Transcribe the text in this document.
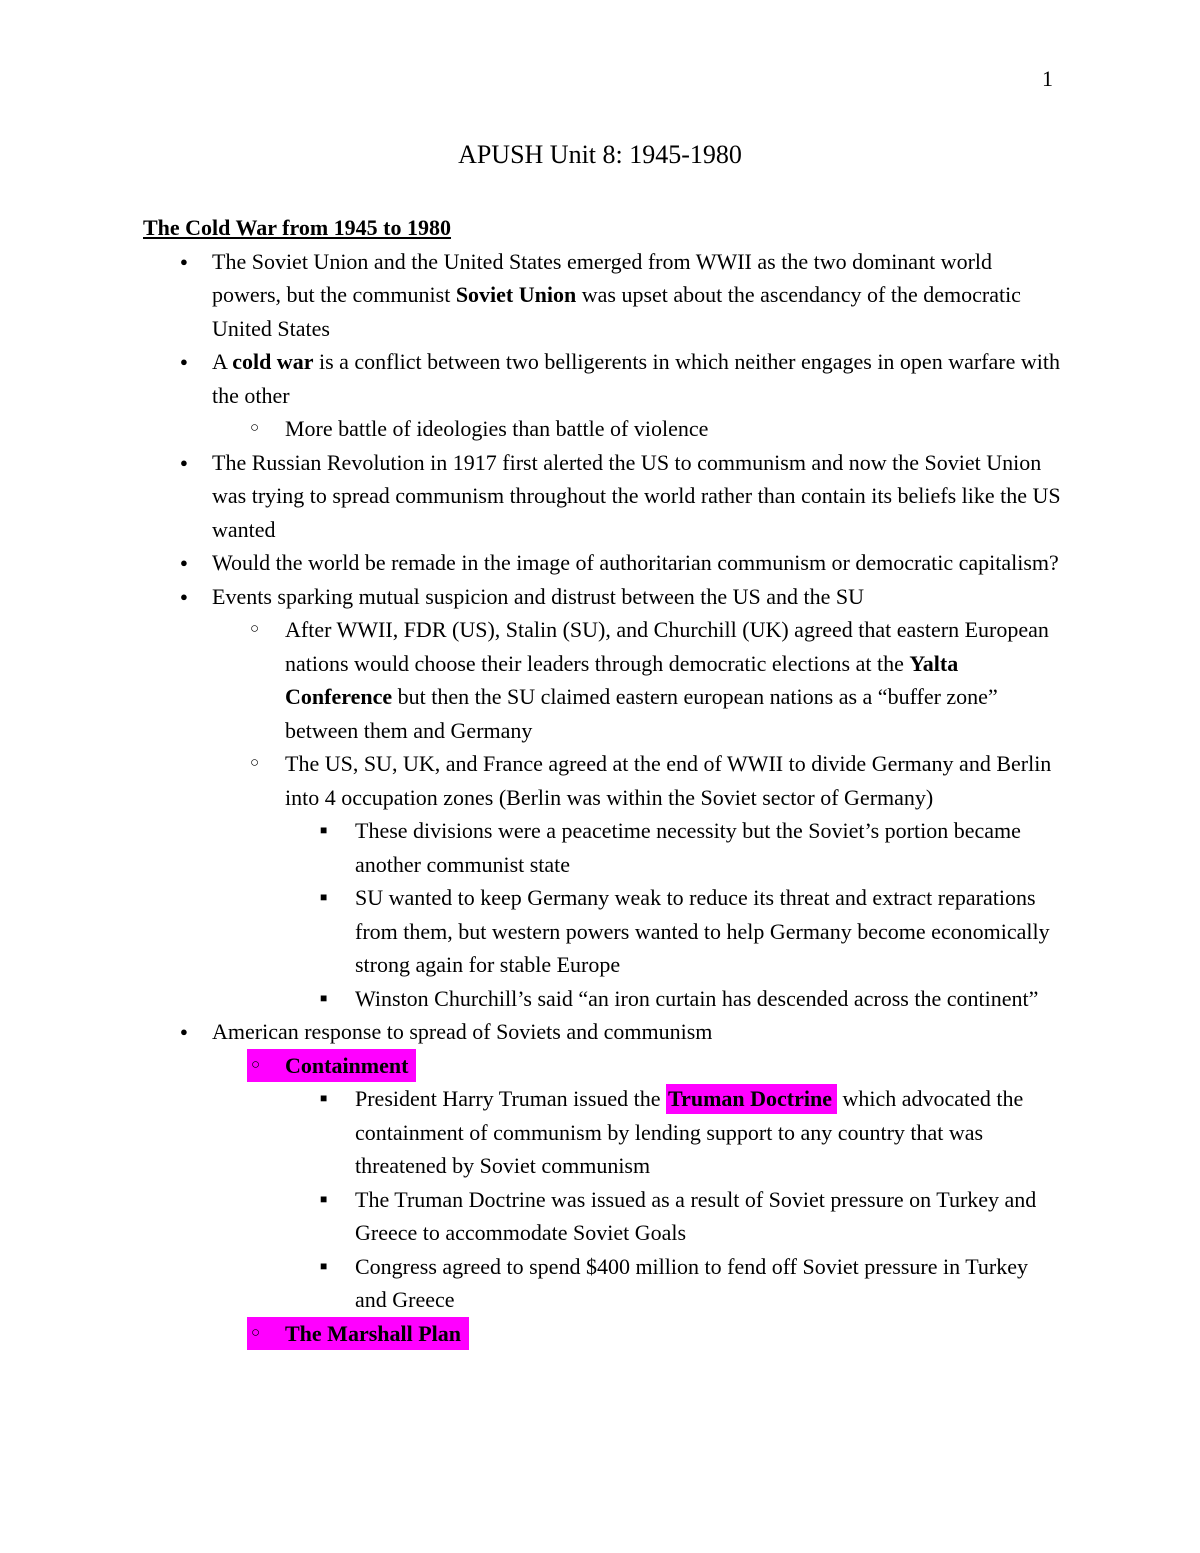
1
APUSH Unit 8: 1945-1980
The Cold War from 1945 to 1980
●	The Soviet Union and the United States emerged from WWII as the two dominant world powers, but the communist Soviet Union was upset about the ascendancy of the democratic United States
●	A cold war is a conflict between two belligerents in which neither engages in open warfare with the other
○	More battle of ideologies than battle of violence
●	The Russian Revolution in 1917 first alerted the US to communism and now the Soviet Union was trying to spread communism throughout the world rather than contain its beliefs like the US wanted
●	Would the world be remade in the image of authoritarian communism or democratic capitalism?
●	Events sparking mutual suspicion and distrust between the US and the SU
○	After WWII, FDR (US), Stalin (SU), and Churchill (UK) agreed that eastern European nations would choose their leaders through democratic elections at the Yalta Conference but then the SU claimed eastern european nations as a “buffer zone” between them and Germany
○	The US, SU, UK, and France agreed at the end of WWII to divide Germany and Berlin into 4 occupation zones (Berlin was within the Soviet sector of Germany)
■	These divisions were a peacetime necessity but the Soviet’s portion became another communist state
■	SU wanted to keep Germany weak to reduce its threat and extract reparations from them, but western powers wanted to help Germany become economically strong again for stable Europe
■	Winston Churchill’s said “an iron curtain has descended across the continent”
●	American response to spread of Soviets and communism
○	Containment
■	President Harry Truman issued the Truman Doctrine which advocated the containment of communism by lending support to any country that was threatened by Soviet communism
■	The Truman Doctrine was issued as a result of Soviet pressure on Turkey and Greece to accommodate Soviet Goals
■	Congress agreed to spend $400 million to fend off Soviet pressure in Turkey and Greece
○	The Marshall Plan
